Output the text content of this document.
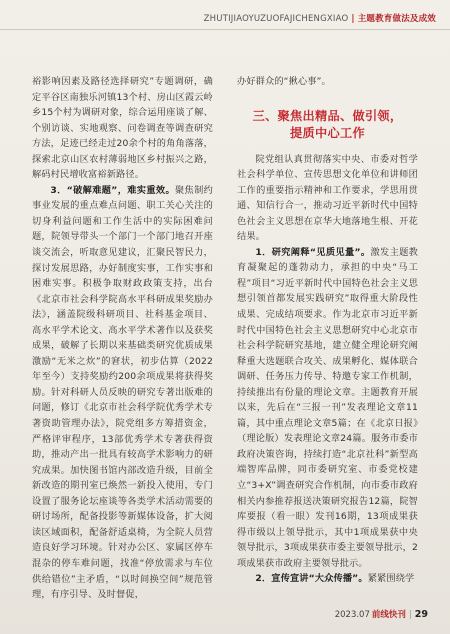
ZHUTIJIAOYUZUOFAJICHENGXIAO | 主题教育做法及成效

裕影响因素及路径选择研究”专题调研，确定平谷区南独乐河镇13个村、房山区霞云岭乡15个村为调研对象，综合运用座谈了解、个别访谈、实地观察、问卷调查等调查研究方法，足迹已经走过20余个村的角角落落，探索北京山区农村薄弱地区乡村振兴之路，解码村民增收富裕新路径。

3．“破解难题”，难实重效。聚焦制约事业发展的重点难点问题、职工关心关注的切身利益问题和工作生活中的实际困难问题，院领导带头一个部门一个部门地召开座谈交流会，听取意见建议，汇聚民智民力，探讨发展思路，办好制度实事，工作实事和困难实事。积极争取财政政策支持，出台《北京市社会科学院高水平科研成果奖励办法》，涵盖院级科研项目、社科基金项目、高水平学术论文、高水平学术著作以及获奖成果，破解了长期以来基础类研究优质成果激励“无米之炊”的窘状，初步估算（2022年至今）支持奖励约200余项成果将获得奖励。针对科研人员反映的研究专著出版难的问题，修订《北京市社会科学院优秀学术专著资助管理办法》，院党组多方筹措资金，严格评审程序，13部优秀学术专著获得资助，推动产出一批具有较高学术影响力的研究成果。加快图书馆内部改造升级，目前全新改造的期刊室已焕然一新投入使用，专门设置了服务论坛座谈等各类学术活动需要的研讨场所，配备投影等新媒体设备，扩大阅读区域面积，配备舒适桌椅，为全院人员营造良好学习环境。针对办公区、家属区停车混杂的停车难问题，找准“停放需求与车位供给错位”主矛盾，“以时间换空间”规范管理，有序引导、及时督促，

办好群众的“揪心事”。

三、聚焦出精品、做引领，
提质中心工作

院党组认真贯彻落实中央、市委对哲学社会科学单位、宣传思想文化单位和讲师团工作的重要指示精神和工作要求，学思用贯通、知信行合一，推动习近平新时代中国特色社会主义思想在京华大地落地生根、开花结果。

1．研究阐释“见质见量”。激发主题教育凝聚起的蓬勃动力，承担的中央“马工程”项目“习近平新时代中国特色社会主义思想引领首都发展实践研究”取得重大阶段性成果、完成结项要求。作为北京市习近平新时代中国特色社会主义思想研究中心北京市社会科学院研究基地，建立健全理论研究阐释重大选题联合攻关、成果孵化、媒体联合调研、任务压力传导、特邀专家工作机制，持续推出有份量的理论文章。主题教育开展以来，先后在“三报一刊”发表理论文章11篇，其中重点理论文章5篇；在《北京日报》（理论版）发表理论文章24篇。服务市委市政府决策咨询，持续打造“北京社科”新型高端智库品牌，同市委研究室、市委党校建立“3+X”调查研究合作机制，向市委市政府相关内参推荐报送决策研究报告12篇，院智库要报（看一眼）发刊16期，13项成果获得市级以上领导批示，其中1项成果获中央领导批示，3项成果获市委主要领导批示，2项成果获市政府主要领导批示。

2．宣传宣讲“大众传播”。紧紧围绕学

2023.07 前线快刊 | 29
